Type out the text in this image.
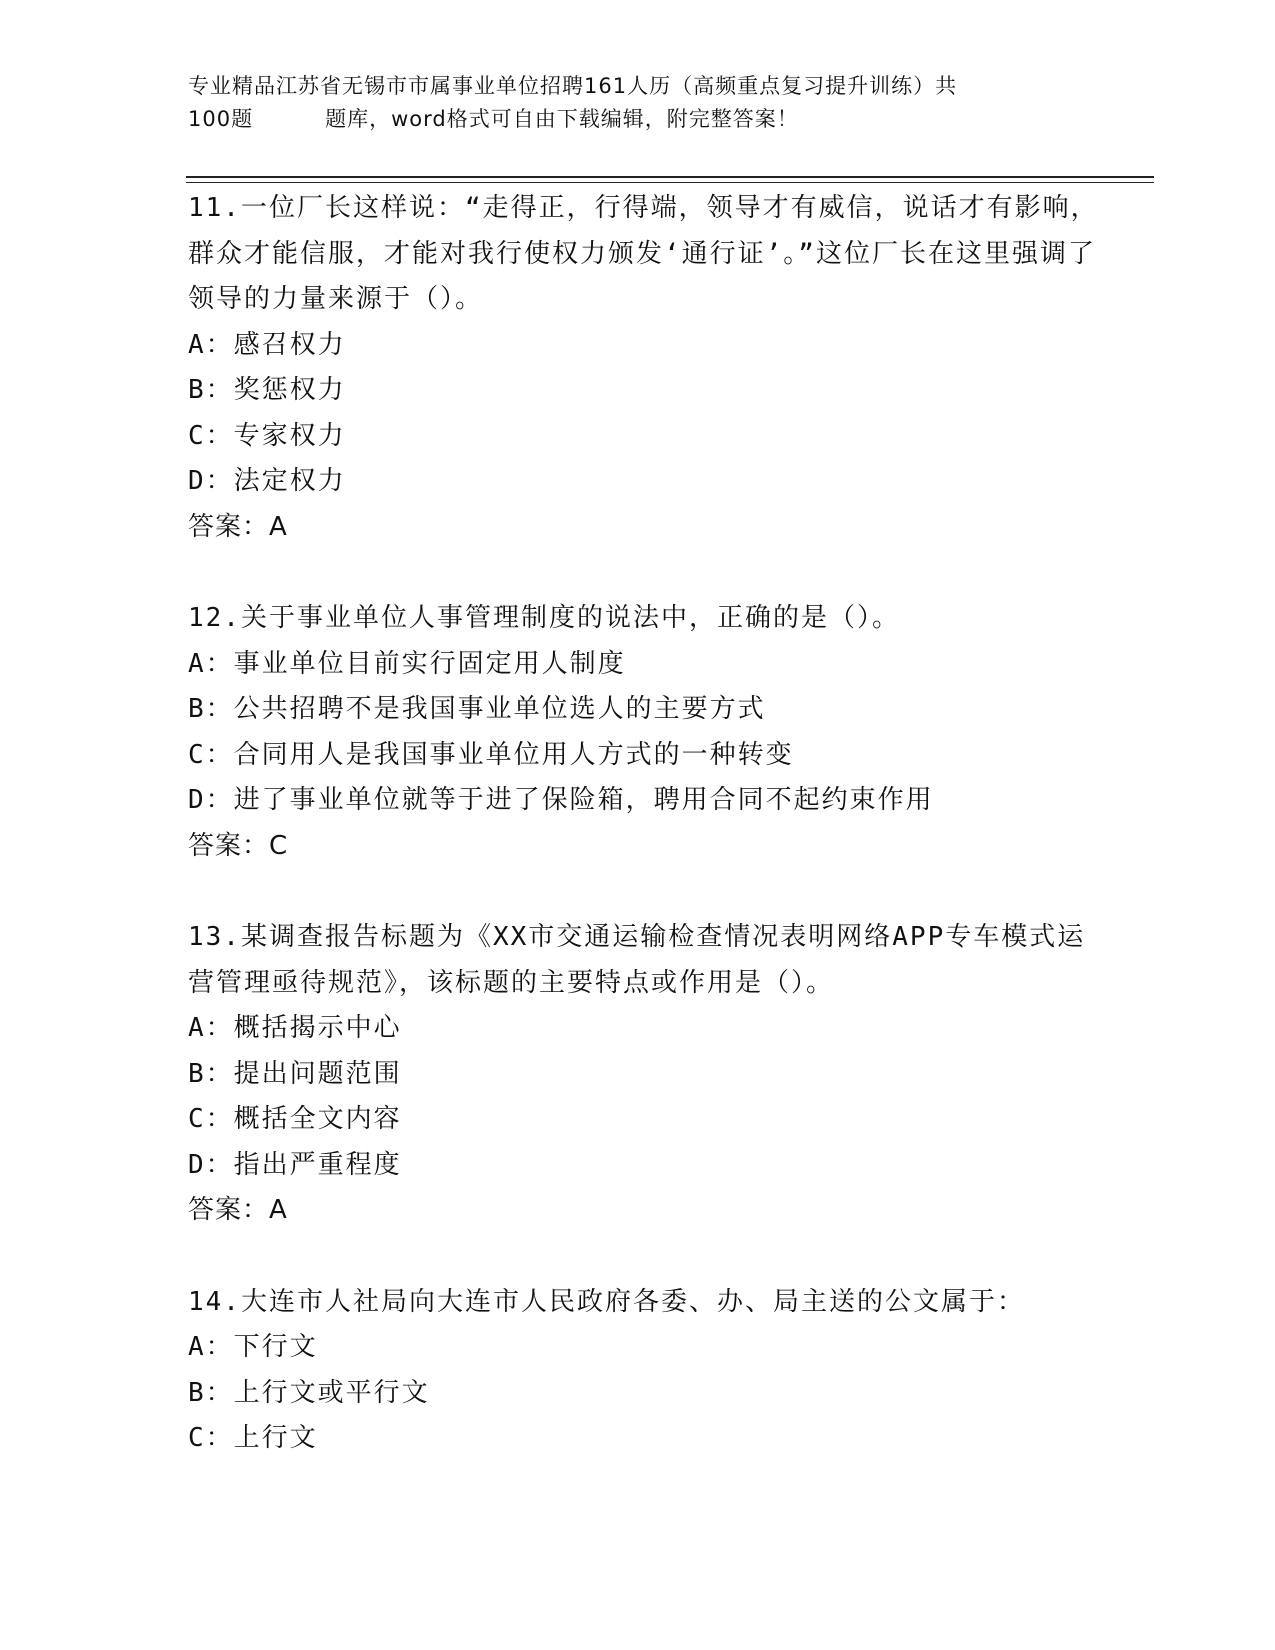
专业精品江苏省无锡市市属事业单位招聘161人历（高频重点复习提升训练）共
100题	题库，word格式可自由下载编辑，附完整答案！
11.一位厂长这样说：“走得正，行得端，领导才有威信，说话才有影响，群众才能信服，才能对我行使权力颁发‘通行证’。”这位厂长在这里强调了领导的力量来源于（）。
A：感召权力
B：奖惩权力
C：专家权力
D：法定权力
答案：A
12.关于事业单位人事管理制度的说法中，正确的是（）。
A：事业单位目前实行固定用人制度
B：公共招聘不是我国事业单位选人的主要方式
C：合同用人是我国事业单位用人方式的一种转变
D：进了事业单位就等于进了保险箱，聘用合同不起约束作用
答案：C
13.某调查报告标题为《XX市交通运输检查情况表明网络APP专车模式运营管理亟待规范》，该标题的主要特点或作用是（）。
A：概括揭示中心
B：提出问题范围
C：概括全文内容
D：指出严重程度
答案：A
14.大连市人社局向大连市人民政府各委、办、局主送的公文属于：
A：下行文
B：上行文或平行文
C：上行文
